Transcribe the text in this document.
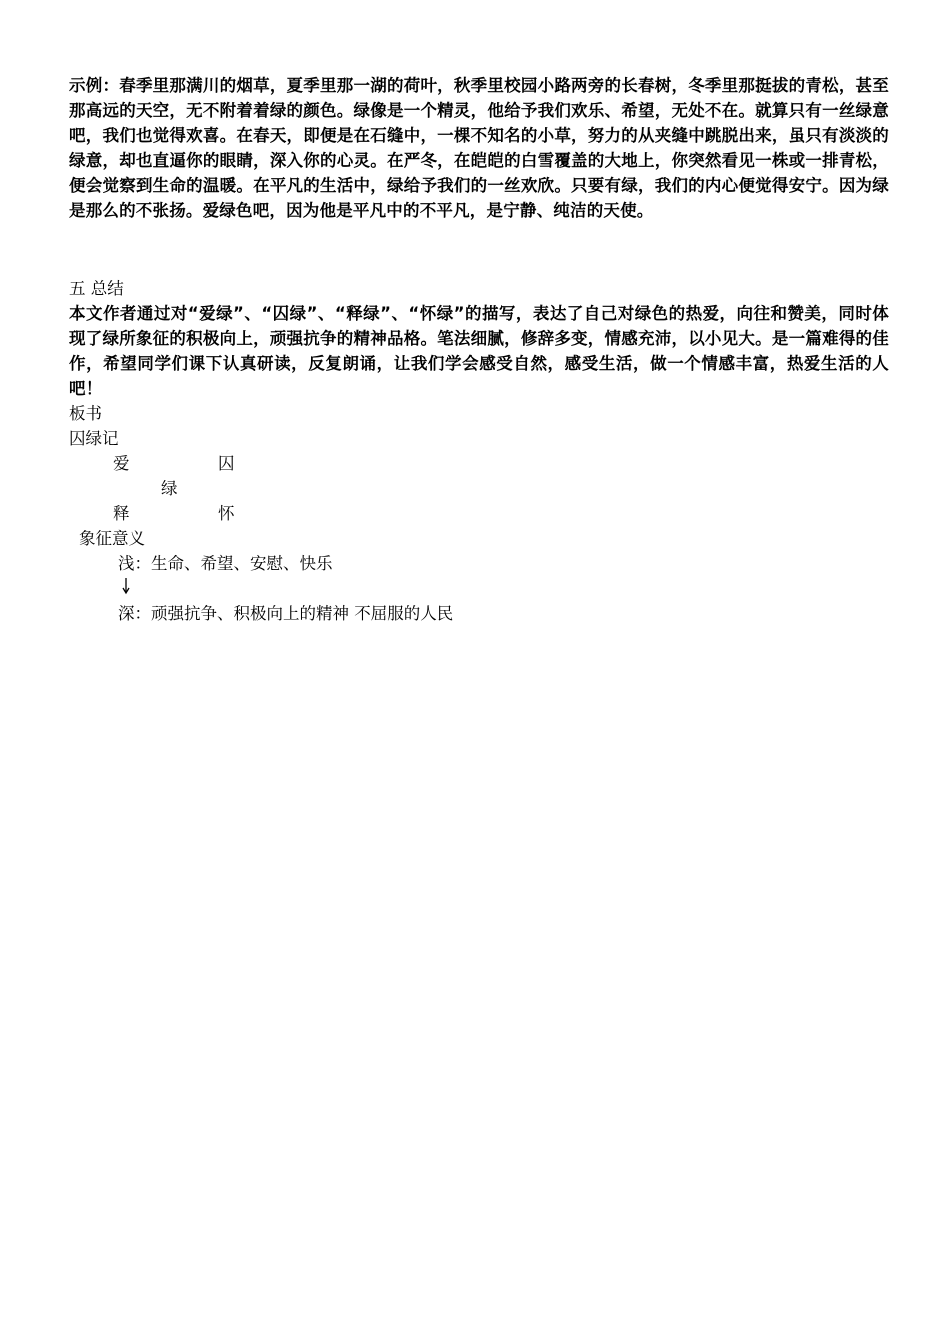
示例：春季里那满川的烟草，夏季里那一湖的荷叶，秋季里校园小路两旁的长春树，冬季里那挺拔的青松，甚至那高远的天空，无不附着着绿的颜色。绿像是一个精灵，他给予我们欢乐、希望，无处不在。就算只有一丝绿意吧，我们也觉得欢喜。在春天，即便是在石缝中，一棵不知名的小草，努力的从夹缝中跳脱出来，虽只有淡淡的绿意，却也直逼你的眼睛，深入你的心灵。在严冬，在皑皑的白雪覆盖的大地上，你突然看见一株或一排青松，便会觉察到生命的温暖。在平凡的生活中，绿给予我们的一丝欢欣。只要有绿，我们的内心便觉得安宁。因为绿是那么的不张扬。爱绿色吧，因为他是平凡中的不平凡，是宁静、纯洁的天使。

五 总结

本文作者通过对“爱绿”、“囚绿”、“释绿”、“怀绿”的描写，表达了自己对绿色的热爱，向往和赞美，同时体现了绿所象征的积极向上，顽强抗争的精神品格。笔法细腻，修辞多变，情感充沛，以小见大。是一篇难得的佳作，希望同学们课下认真研读，反复朗诵，让我们学会感受自然，感受生活，做一个情感丰富，热爱生活的人吧！

板书
囚绿记
爱	囚
绿
释	怀
象征意义
浅：生命、希望、安慰、快乐
深：顽强抗争、积极向上的精神 不屈服的人民
